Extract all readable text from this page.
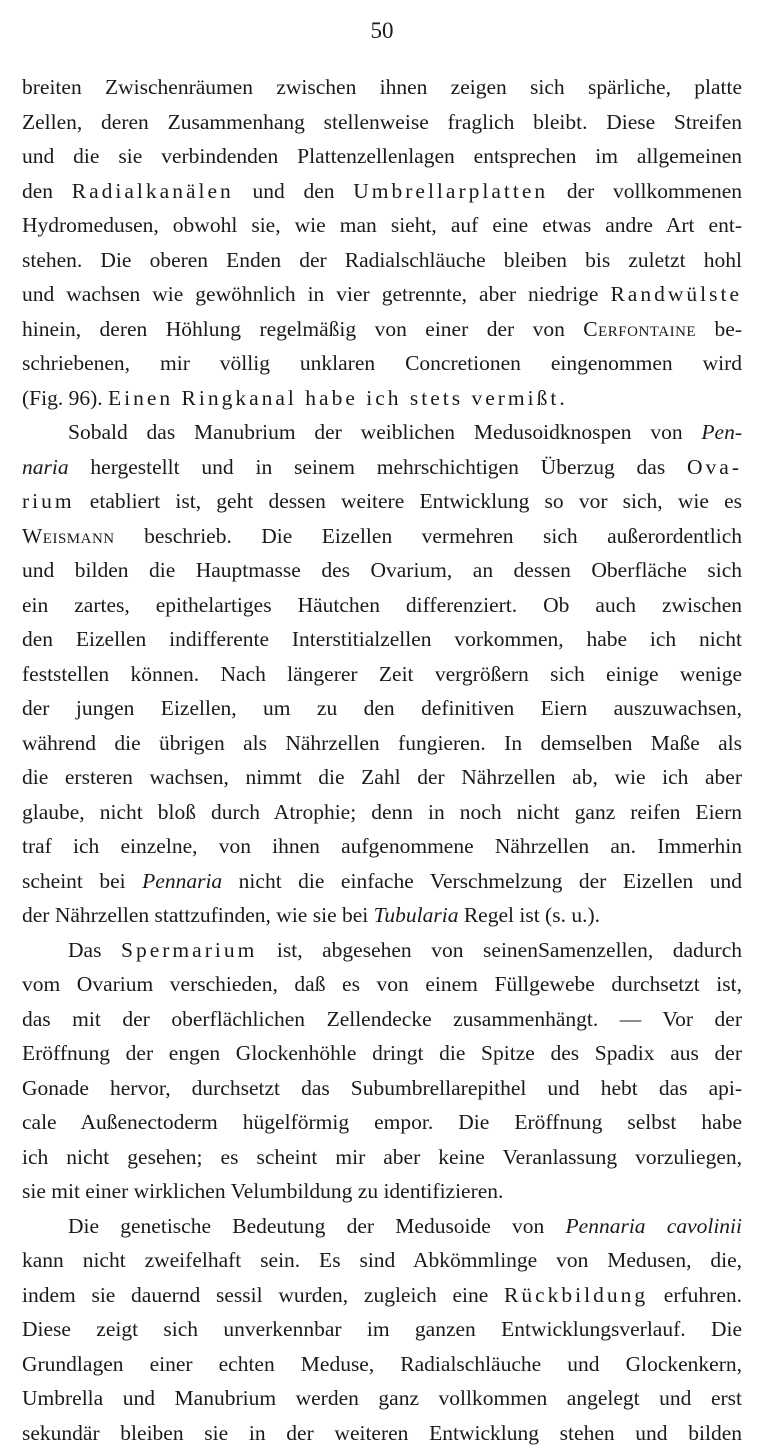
50
breiten Zwischenräumen zwischen ihnen zeigen sich spärliche, platte
Zellen, deren Zusammenhang stellenweise fraglich bleibt. Diese Streifen
und die sie verbindenden Plattenzellenlagen entsprechen im allgemeinen
den Radialkanälen und den Umbrellarplatten der vollkommenen
Hydromedusen, obwohl sie, wie man sieht, auf eine etwas andre Art ent-
stehen. Die oberen Enden der Radialschläuche bleiben bis zuletzt hohl
und wachsen wie gewöhnlich in vier getrennte, aber niedrige Randwülste
hinein, deren Höhlung regelmäßig von einer der von Cerfontaine be-
schriebenen, mir völlig unklaren Concretionen eingenommen wird
(Fig. 96). Einen Ringkanal habe ich stets vermißt.
Sobald das Manubrium der weiblichen Medusoidknospen von Pen-
naria hergestellt und in seinem mehrschichtigen Überzug das Ova-
rium etabliert ist, geht dessen weitere Entwicklung so vor sich, wie es
Weismann beschrieb. Die Eizellen vermehren sich außerordentlich
und bilden die Hauptmasse des Ovarium, an dessen Oberfläche sich
ein zartes, epithelartiges Häutchen differenziert. Ob auch zwischen
den Eizellen indifferente Interstitialzellen vorkommen, habe ich nicht
feststellen können. Nach längerer Zeit vergrößern sich einige wenige
der jungen Eizellen, um zu den definitiven Eiern auszuwachsen,
während die übrigen als Nährzellen fungieren. In demselben Maße als
die ersteren wachsen, nimmt die Zahl der Nährzellen ab, wie ich aber
glaube, nicht bloß durch Atrophie; denn in noch nicht ganz reifen Eiern
traf ich einzelne, von ihnen aufgenommene Nährzellen an. Immerhin
scheint bei Pennaria nicht die einfache Verschmelzung der Eizellen und
der Nährzellen stattzufinden, wie sie bei Tubularia Regel ist (s. u.).
Das Spermarium ist, abgesehen von seinenSamenzellen, dadurch
vom Ovarium verschieden, daß es von einem Füllgewebe durchsetzt ist,
das mit der oberflächlichen Zellendecke zusammenhängt. — Vor der
Eröffnung der engen Glockenhöhle dringt die Spitze des Spadix aus der
Gonade hervor, durchsetzt das Subumbrellarepithel und hebt das api-
cale Außenectoderm hügelförmig empor. Die Eröffnung selbst habe
ich nicht gesehen; es scheint mir aber keine Veranlassung vorzuliegen,
sie mit einer wirklichen Velumbildung zu identifizieren.
Die genetische Bedeutung der Medusoide von Pennaria cavolinii
kann nicht zweifelhaft sein. Es sind Abkömmlinge von Medusen, die,
indem sie dauernd sessil wurden, zugleich eine Rückbildung erfuhren.
Diese zeigt sich unverkennbar im ganzen Entwicklungsverlauf. Die
Grundlagen einer echten Meduse, Radialschläuche und Glockenkern,
Umbrella und Manubrium werden ganz vollkommen angelegt und erst
sekundär bleiben sie in der weiteren Entwicklung stehen und bilden
